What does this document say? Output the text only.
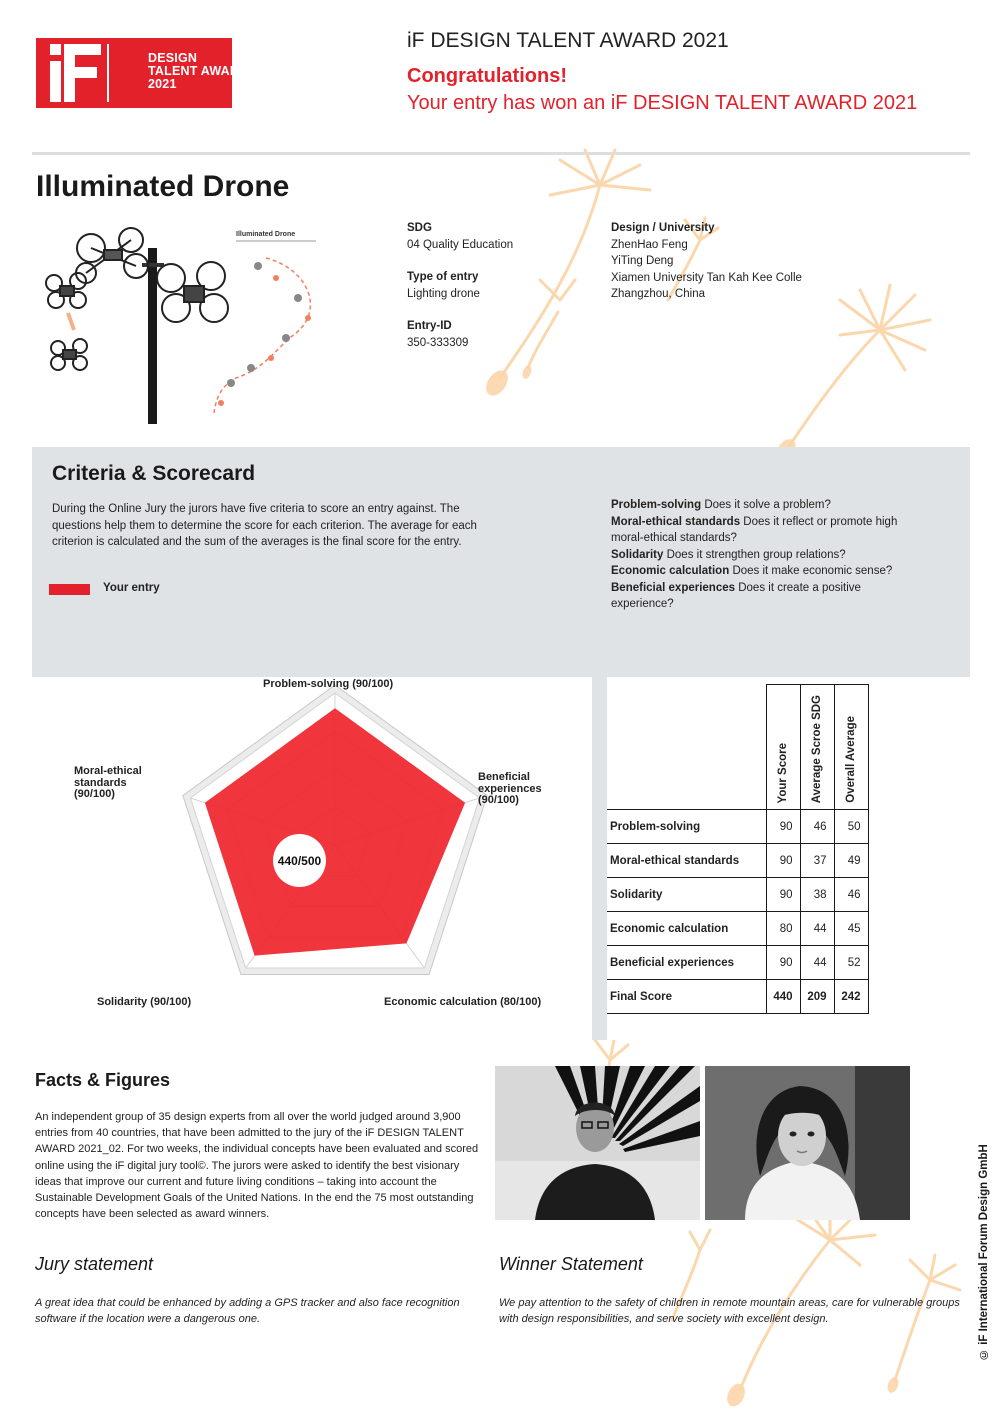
DESIGN
TALENT AWARD
2021
iF DESIGN TALENT AWARD 2021
Congratulations!
Your entry has won an iF DESIGN TALENT AWARD 2021
Illuminated Drone
Illuminated Drone
SDG
04 Quality Education
Type of entry
Lighting drone
Entry-ID
350-333309
Design / University
ZhenHao Feng
YiTing Deng
Xiamen University Tan Kah Kee Colle
Zhangzhou, China
Criteria & Scorecard
During the Online Jury the jurors have five criteria to score an entry against. The questions help them to determine the score for each criterion. The average for each criterion is calculated and the sum of the averages is the final score for the entry.
Your entry
Problem-solving Does it solve a problem?
Moral-ethical standards Does it reflect or promote high moral-ethical standards?
Solidarity Does it strengthen group relations?
Economic calculation Does it make economic sense?
Beneficial experiences Does it create a positive experience?
Problem-solving (90/100)
Beneficial experiences (90/100)
Economic calculation (80/100)
Solidarity (90/100)
Moral-ethical standards (90/100)
440/500

	Your Score	Average Scroe SDG	Overall Average

Problem-solving	90	46	50
Moral-ethical standards	90	37	49
Solidarity	90	38	46
Economic calculation	80	44	45
Beneficial experiences	90	44	52
Final Score	440	209	242
Facts & Figures
An independent group of 35 design experts from all over the world judged around 3,900 entries from 40 countries, that have been admitted to the jury of the iF DESIGN TALENT AWARD 2021_02. For two weeks, the individual concepts have been evaluated and scored online using the iF digital jury tool©. The jurors were asked to identify the best visionary ideas that improve our current and future living conditions – taking into account the Sustainable Development Goals of the United Nations. In the end the 75 most outstanding concepts have been selected as award winners.
Jury statement
A great idea that could be enhanced by adding a GPS tracker and also face recognition software if the location were a dangerous one.
Winner Statement
We pay attention to the safety of children in remote mountain areas, care for vulnerable groups with design responsibilities, and serve society with excellent design.	© iF International Forum Design GmbH
